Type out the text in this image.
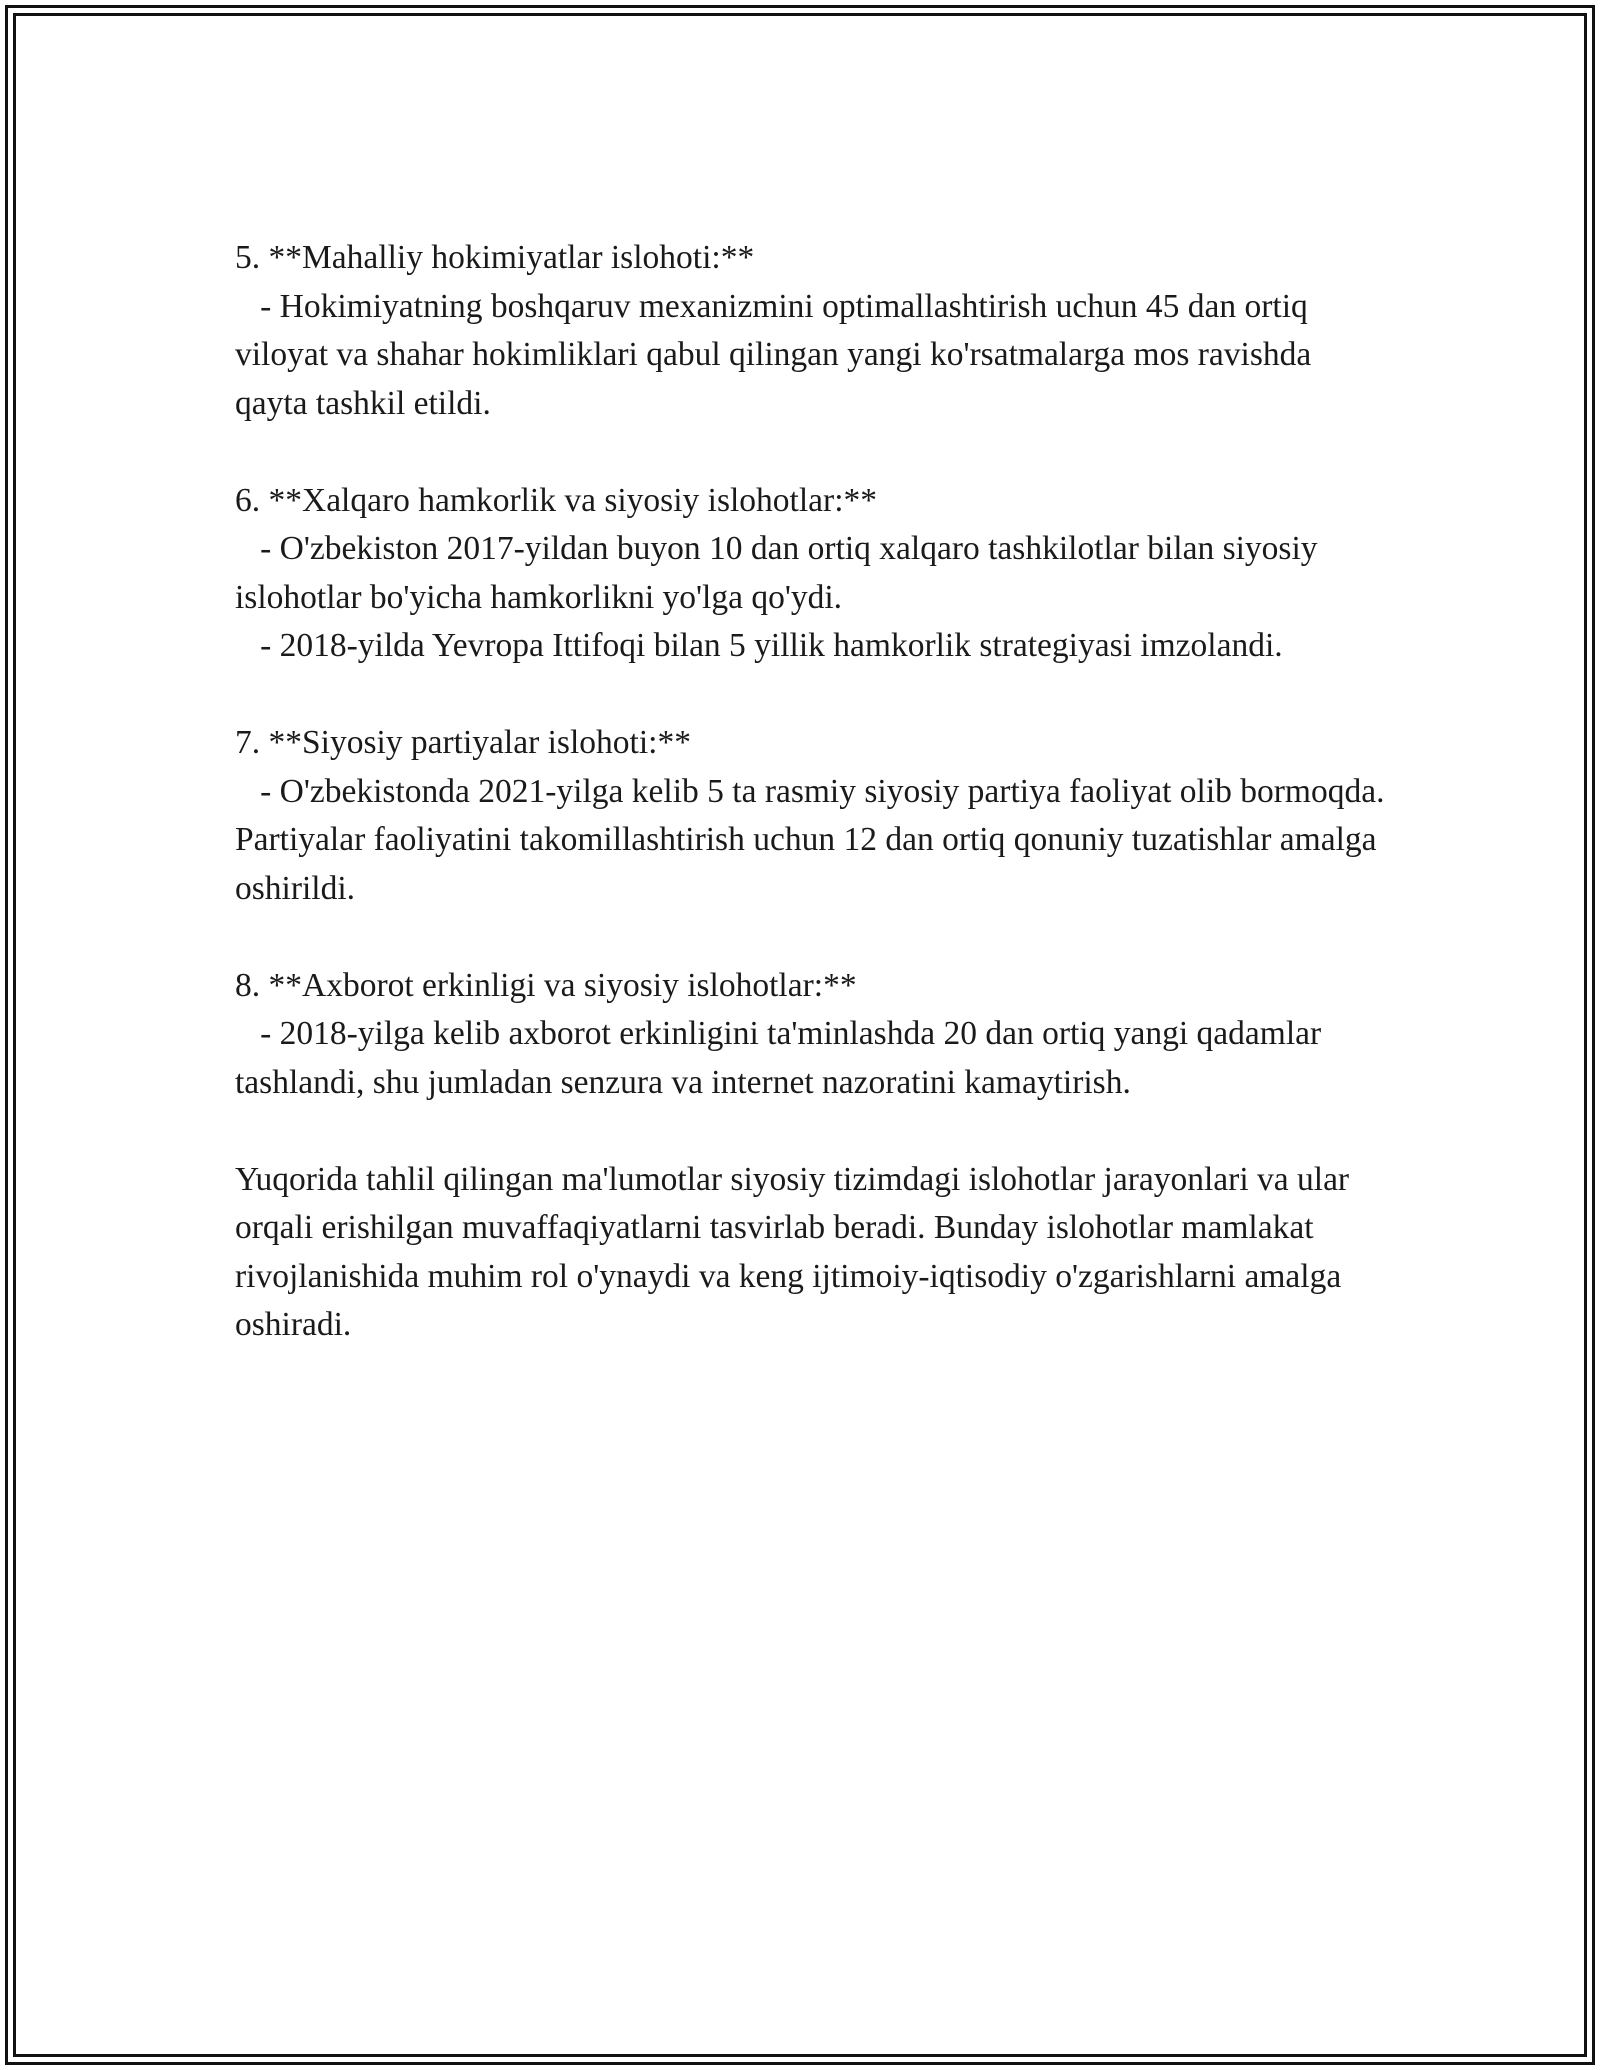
5. **Mahalliy hokimiyatlar islohoti:**

- Hokimiyatning boshqaruv mexanizmini optimallashtirish uchun 45 dan ortiq viloyat va shahar hokimliklari qabul qilingan yangi ko'rsatmalarga mos ravishda qayta tashkil etildi.

6. **Xalqaro hamkorlik va siyosiy islohotlar:**

- O'zbekiston 2017-yildan buyon 10 dan ortiq xalqaro tashkilotlar bilan siyosiy islohotlar bo'yicha hamkorlikni yo'lga qo'ydi.

- 2018-yilda Yevropa Ittifoqi bilan 5 yillik hamkorlik strategiyasi imzolandi.

7. **Siyosiy partiyalar islohoti:**

- O'zbekistonda 2021-yilga kelib 5 ta rasmiy siyosiy partiya faoliyat olib bormoqda. Partiyalar faoliyatini takomillashtirish uchun 12 dan ortiq qonuniy tuzatishlar amalga oshirildi.

8. **Axborot erkinligi va siyosiy islohotlar:**

- 2018-yilga kelib axborot erkinligini ta'minlashda 20 dan ortiq yangi qadamlar tashlandi, shu jumladan senzura va internet nazoratini kamaytirish.

Yuqorida tahlil qilingan ma'lumotlar siyosiy tizimdagi islohotlar jarayonlari va ular orqali erishilgan muvaffaqiyatlarni tasvirlab beradi. Bunday islohotlar mamlakat rivojlanishida muhim rol o'ynaydi va keng ijtimoiy-iqtisodiy o'zgarishlarni amalga oshiradi.
